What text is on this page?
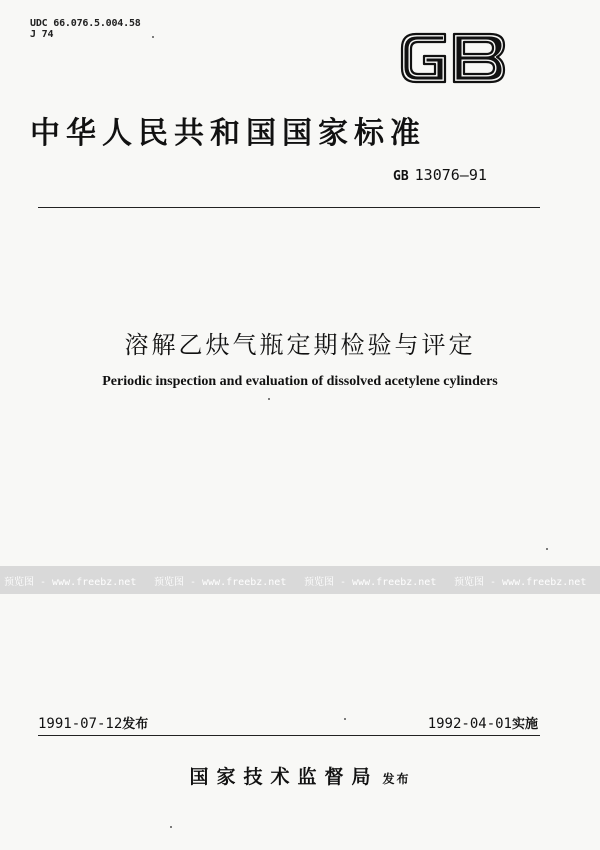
UDC 66.076.5.004.58
J 74	GB
中华人民共和国国家标准
GB 13076—91
溶解乙炔气瓶定期检验与评定
Periodic inspection and evaluation of dissolved acetylene cylinders
预览图 - www.freebz.net	预览图 - www.freebz.net	预览图 - www.freebz.net	预览图 - www.freebz.net
1991-07-12发布	1992-04-01实施
国家技术监督局 发布
